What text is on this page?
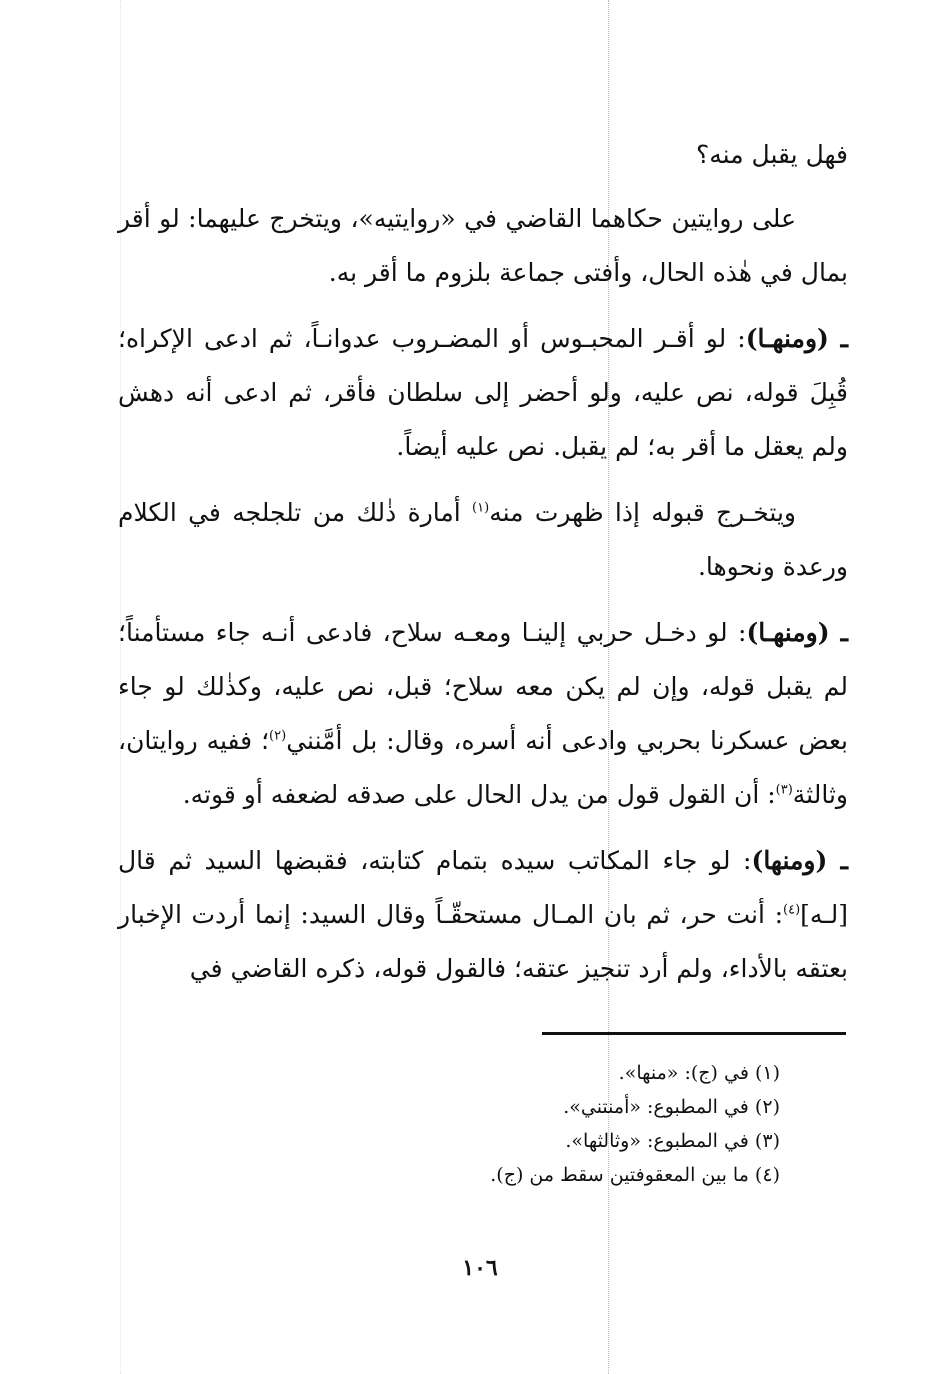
فهل يقبل منه؟

على روايتين حكاهما القاضي في «روايتيه»، ويتخرج عليهما: لو أقر بمال في هٰذه الحال، وأفتى جماعة بلزوم ما أقر به.

ـ (ومنهـا): لو أقـر المحبـوس أو المضـروب عدوانـاً، ثم ادعى الإكراه؛ قُبِلَ قوله، نص عليه، ولو أحضر إلى سلطان فأقر، ثم ادعى أنه دهش ولم يعقل ما أقر به؛ لم يقبل. نص عليه أيضاً.

ويتخـرج قبوله إذا ظهرت منه$^{(١)}$ أمارة ذٰلك من تلجلجه في الكلام ورعدة ونحوها.

ـ (ومنهـا): لو دخـل حربي إلينـا ومعـه سلاح، فادعى أنـه جاء مستأمناً؛ لم يقبل قوله، وإن لم يكن معه سلاح؛ قبل، نص عليه، وكذٰلك لو جاء بعض عسكرنا بحربي وادعى أنه أسره، وقال: بل أمَّنني$^{(٢)}$؛ ففيه روايتان، وثالثة$^{(٣)}$: أن القول قول من يدل الحال على صدقه لضعفه أو قوته.

ـ (ومنها): لو جاء المكاتب سيده بتمام كتابته، فقبضها السيد ثم قال [لـه]$^{(٤)}$: أنت حر، ثم بان المـال مستحقّـاً وقال السيد: إنما أردت الإخبار بعتقه بالأداء، ولم أرد تنجيز عتقه؛ فالقول قوله، ذكره القاضي في

(١) في (ج): «منها».
(٢) في المطبوع: «أمنتني».
(٣) في المطبوع: «وثالثها».
(٤) ما بين المعقوفتين سقط من (ج).
١٠٦
